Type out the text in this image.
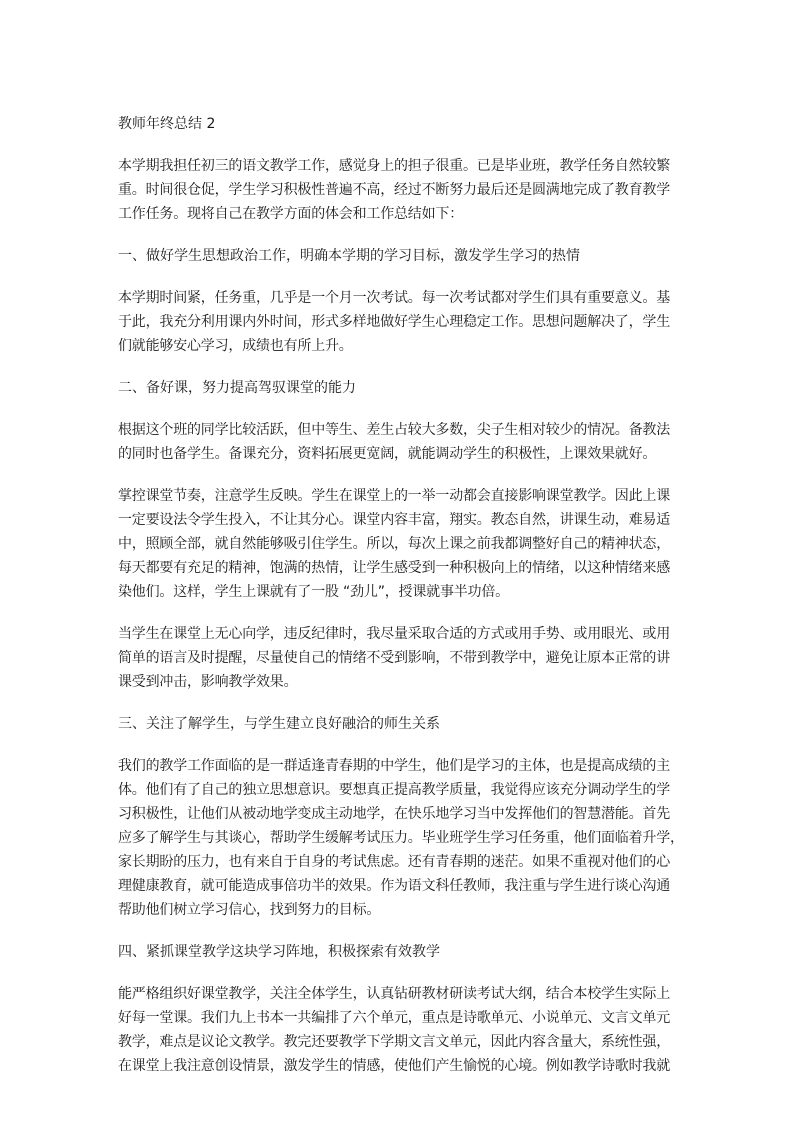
教师年终总结 2
本学期我担任初三的语文教学工作，感觉身上的担子很重。已是毕业班，教学任务自然较繁
重。时间很仓促，学生学习积极性普遍不高，经过不断努力最后还是圆满地完成了教育教学
工作任务。现将自己在教学方面的体会和工作总结如下：
一、做好学生思想政治工作，明确本学期的学习目标，激发学生学习的热情
本学期时间紧，任务重，几乎是一个月一次考试。每一次考试都对学生们具有重要意义。基
于此，我充分利用课内外时间，形式多样地做好学生心理稳定工作。思想问题解决了，学生
们就能够安心学习，成绩也有所上升。
二、备好课，努力提高驾驭课堂的能力
根据这个班的同学比较活跃，但中等生、差生占较大多数，尖子生相对较少的情况。备教法
的同时也备学生。备课充分，资料拓展更宽阔，就能调动学生的积极性，上课效果就好。
掌控课堂节奏，注意学生反映。学生在课堂上的一举一动都会直接影响课堂教学。因此上课
一定要设法令学生投入，不让其分心。课堂内容丰富，翔实。教态自然，讲课生动，难易适
中，照顾全部，就自然能够吸引住学生。所以，每次上课之前我都调整好自己的精神状态，
每天都要有充足的精神，饱满的热情，让学生感受到一种积极向上的情绪，以这种情绪来感
染他们。这样，学生上课就有了一股 “劲儿”，授课就事半功倍。
当学生在课堂上无心向学，违反纪律时，我尽量采取合适的方式或用手势、或用眼光、或用
简单的语言及时提醒，尽量使自己的情绪不受到影响，不带到教学中，避免让原本正常的讲
课受到冲击，影响教学效果。
三、关注了解学生，与学生建立良好融洽的师生关系
我们的教学工作面临的是一群适逢青春期的中学生，他们是学习的主体，也是提高成绩的主
体。他们有了自己的独立思想意识。要想真正提高教学质量，我觉得应该充分调动学生的学
习积极性，让他们从被动地学变成主动地学，在快乐地学习当中发挥他们的智慧潜能。首先
应多了解学生与其谈心，帮助学生缓解考试压力。毕业班学生学习任务重，他们面临着升学，
家长期盼的压力，也有来自于自身的考试焦虑。还有青春期的迷茫。如果不重视对他们的心
理健康教育，就可能造成事倍功半的效果。作为语文科任教师，我注重与学生进行谈心沟通
帮助他们树立学习信心，找到努力的目标。
四、紧抓课堂教学这块学习阵地，积极探索有效教学
能严格组织好课堂教学，关注全体学生，认真钻研教材研读考试大纲，结合本校学生实际上
好每一堂课。我们九上书本一共编排了六个单元，重点是诗歌单元、小说单元、文言文单元
教学，难点是议论文教学。教完还要教学下学期文言文单元，因此内容含量大，系统性强，
在课堂上我注意创设情景，激发学生的情感，使他们产生愉悦的心境。例如教学诗歌时我就
